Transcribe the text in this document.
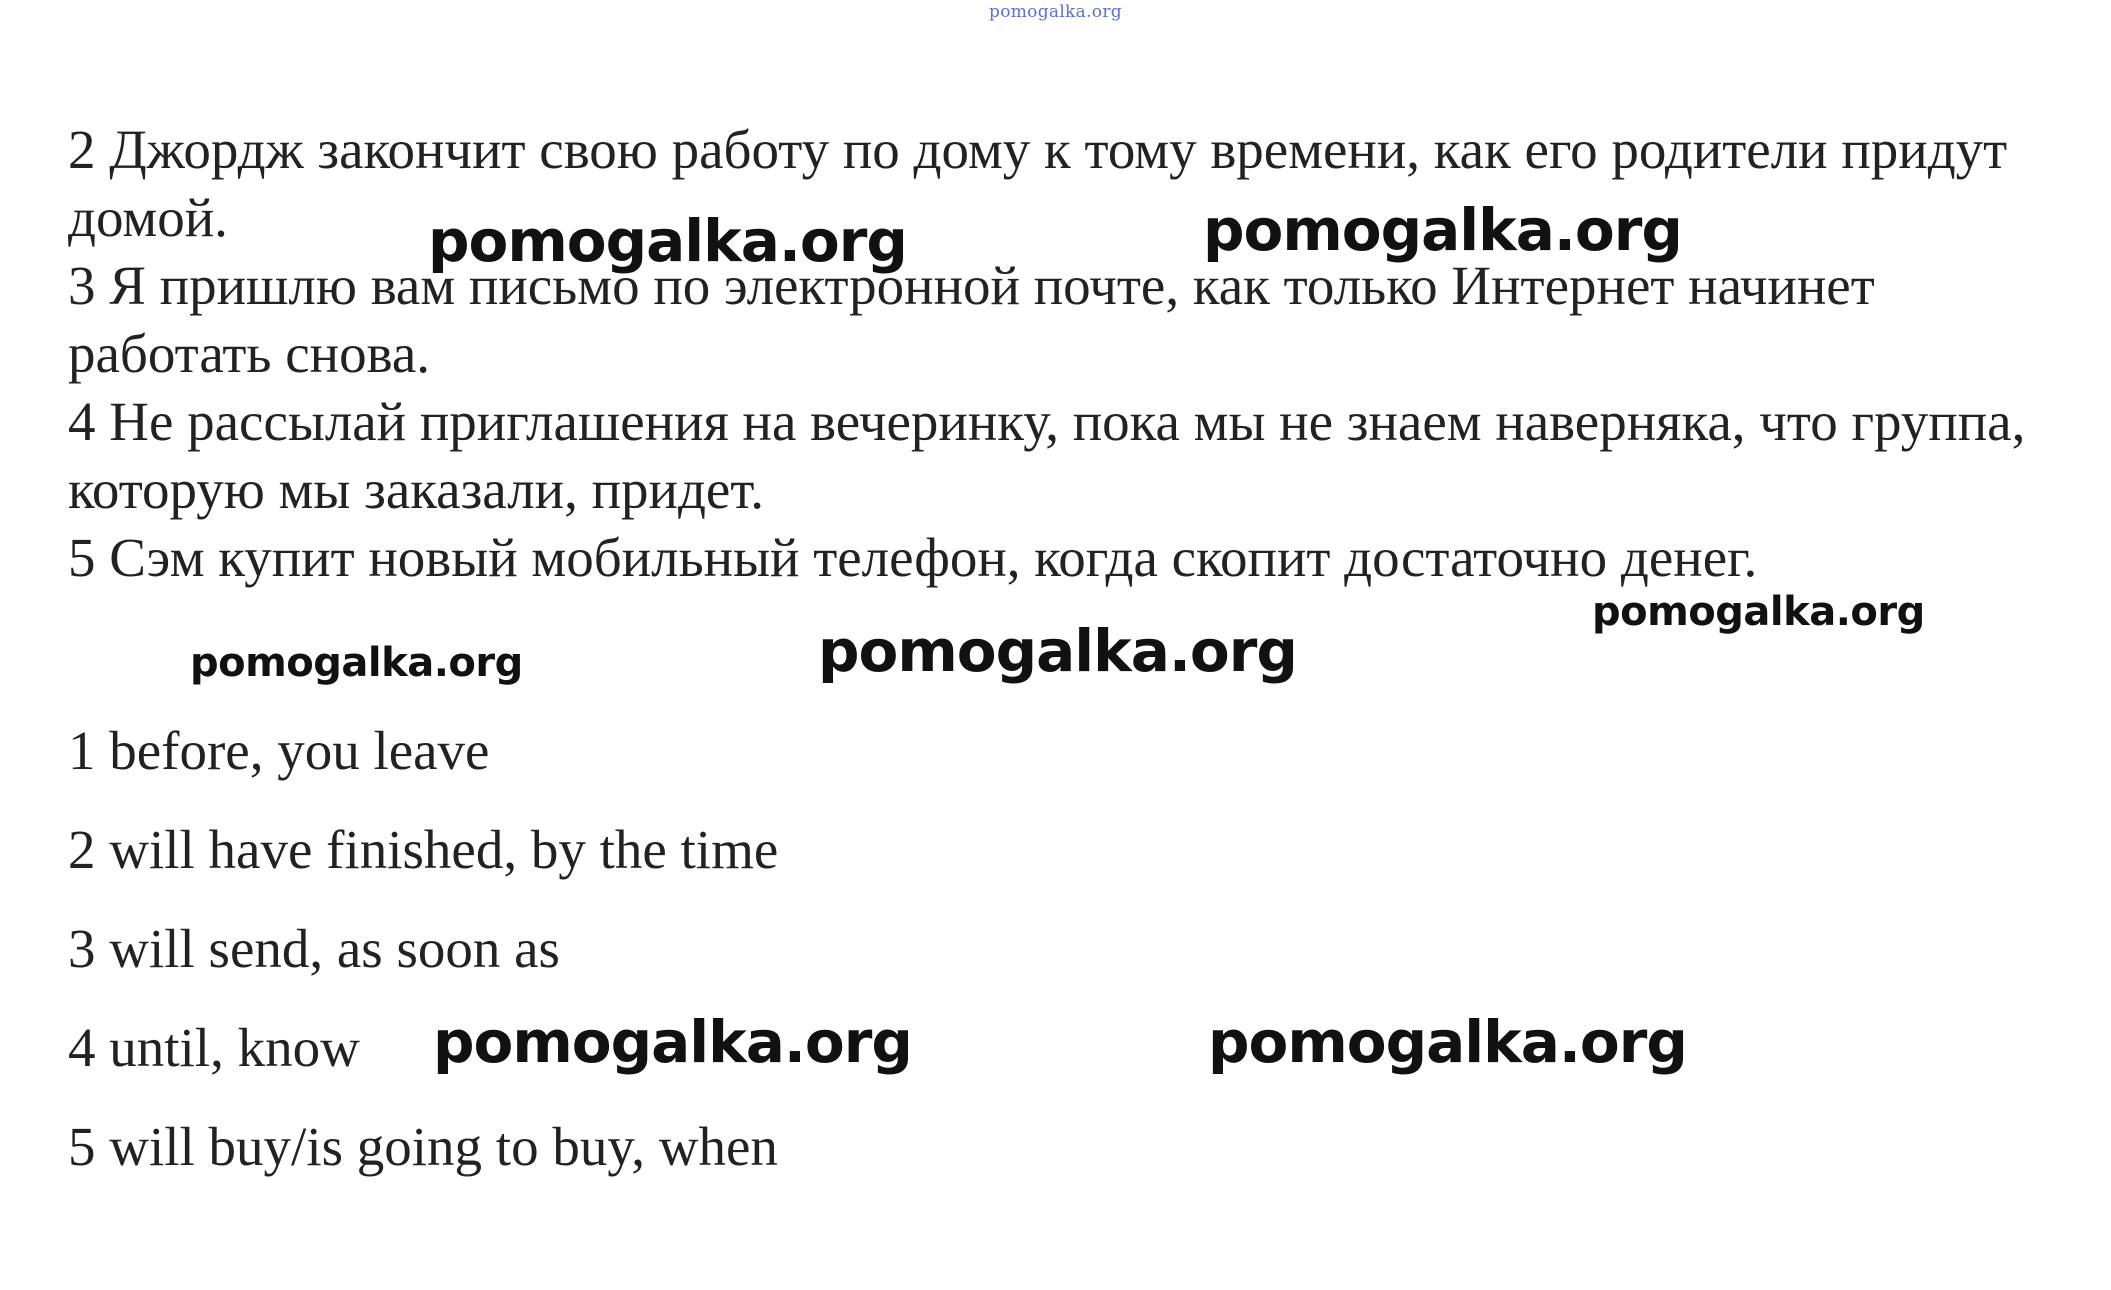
pomogalka.org
2 Джордж закончит свою работу по дому к тому времени, как его родители придут домой.
3 Я пришлю вам письмо по электронной почте, как только Интернет начинет работать снова.
4 Не рассылай приглашения на вечеринку, пока мы не знаем наверняка, что группа, которую мы заказали, придет.
5 Сэм купит новый мобильный телефон, когда скопит достаточно денег.
1 before, you leave
2 will have finished, by the time
3 will send, as soon as
4 until, know
5 will buy/is going to buy, when
pomogalka.org	pomogalka.org
pomogalka.org
pomogalka.org	pomogalka.org
pomogalka.org	pomogalka.org
